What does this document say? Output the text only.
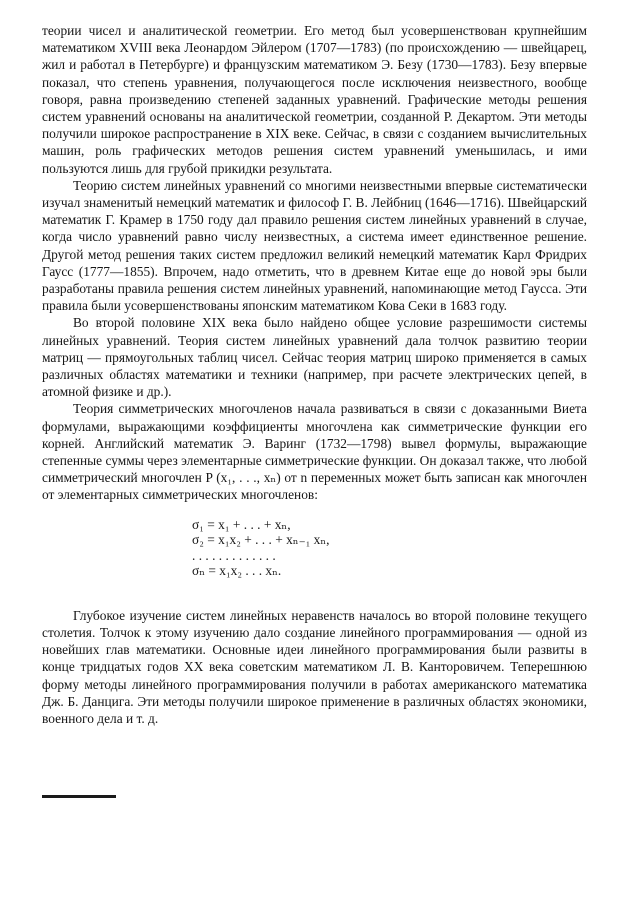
теории чисел и аналитической геометрии. Его метод был усовершенствован крупнейшим математиком XVIII века Леонардом Эйлером (1707—1783) (по происхождению — швейцарец, жил и работал в Петербурге) и французским математиком Э. Безу (1730—1783). Безу впервые показал, что степень уравнения, получающегося после исключения неизвестного, вообще говоря, равна произведению степеней заданных уравнений. Графические методы решения систем уравнений основаны на аналитической геометрии, созданной Р. Декартом. Эти методы получили широкое распространение в XIX веке. Сейчас, в связи с созданием вычислительных машин, роль графических методов решения систем уравнений уменьшилась, и ими пользуются лишь для грубой прикидки результата.

Теорию систем линейных уравнений со многими неизвестными впервые систематически изучал знаменитый немецкий математик и философ Г. В. Лейбниц (1646—1716). Швейцарский математик Г. Крамер в 1750 году дал правило решения систем линейных уравнений в случае, когда число уравнений равно числу неизвестных, а система имеет единственное решение. Другой метод решения таких систем предложил великий немецкий математик Карл Фридрих Гаусс (1777—1855). Впрочем, надо отметить, что в древнем Китае еще до новой эры были разработаны правила решения систем линейных уравнений, напоминающие метод Гаусса. Эти правила были усовершенствованы японским математиком Кова Секи в 1683 году.

Во второй половине XIX века было найдено общее условие разрешимости системы линейных уравнений. Теория систем линейных уравнений дала толчок развитию теории матриц — прямоугольных таблиц чисел. Сейчас теория матриц широко применяется в самых различных областях математики и техники (например, при расчете электрических цепей, в атомной физике и др.).

Теория симметрических многочленов начала развиваться в связи с доказанными Виета формулами, выражающими коэффициенты многочлена как симметрические функции его корней. Английский математик Э. Варинг (1732—1798) вывел формулы, выражающие степенные суммы через элементарные симметрические функции. Он доказал также, что любой симметрический многочлен P (x₁, . . ., xₙ) от n переменных может быть записан как многочлен от элементарных симметрических многочленов:

σ₁ = x₁ + . . . + xₙ,
σ₂ = x₁x₂ + . . . + xₙ₋₁ xₙ,
. . . . . . . . . . . . .
σₙ = x₁x₂ . . . xₙ.

Глубокое изучение систем линейных неравенств началось во второй половине текущего столетия. Толчок к этому изучению дало создание линейного программирования — одной из новейших глав математики. Основные идеи линейного программирования были развиты в конце тридцатых годов XX века советским математиком Л. В. Канторовичем. Теперешнюю форму методы линейного программирования получили в работах американского математика Дж. Б. Данцига. Эти методы получили широкое применение в различных областях экономики, военного дела и т. д.
